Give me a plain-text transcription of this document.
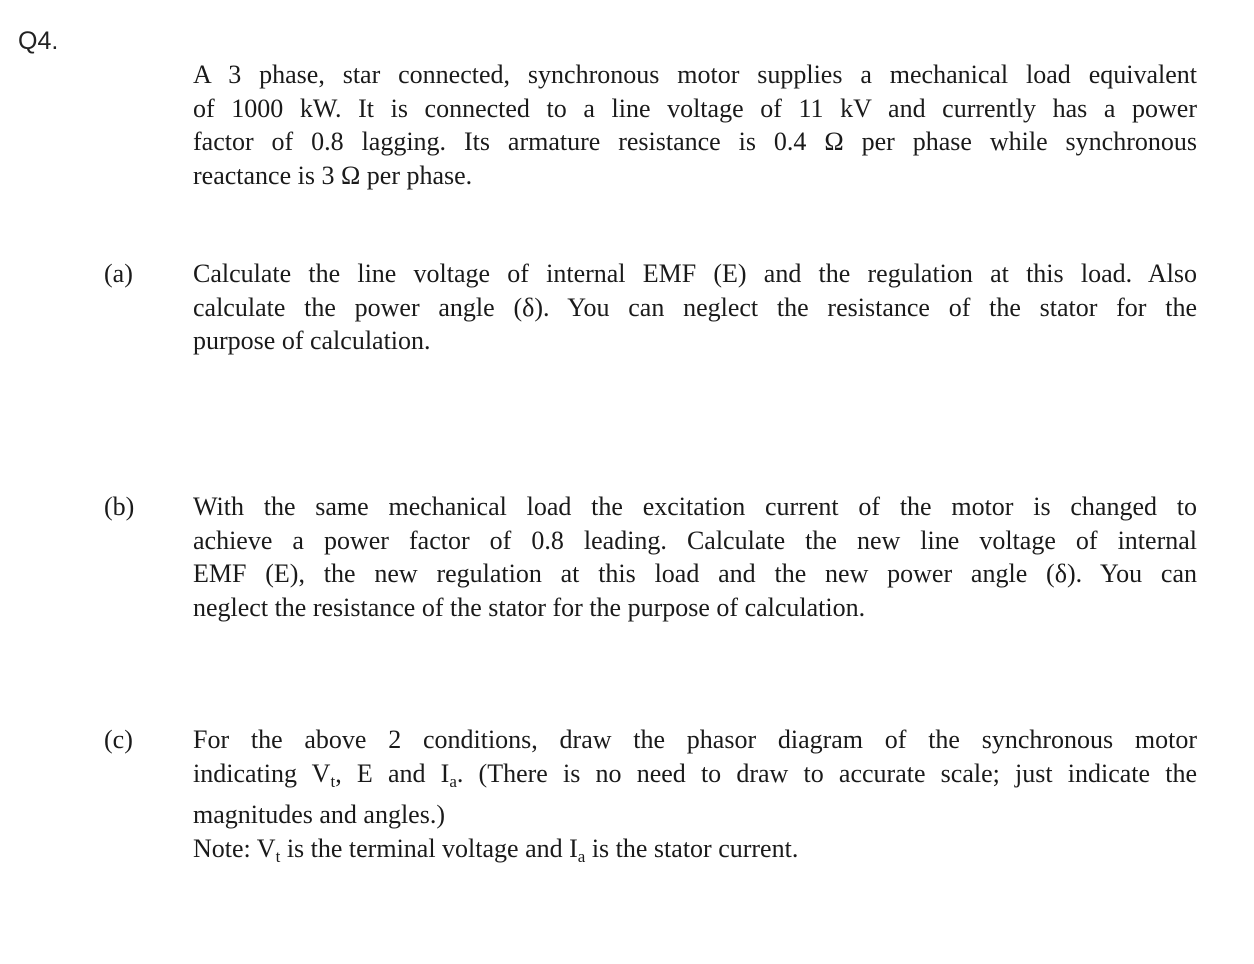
Q4.
A 3 phase, star connected, synchronous motor supplies a mechanical load equivalent
of 1000 kW. It is connected to a line voltage of 11 kV and currently has a power
factor of 0.8 lagging. Its armature resistance is 0.4 Ω per phase while synchronous
reactance is 3 Ω per phase.
(a) Calculate the line voltage of internal EMF (E) and the regulation at this load. Also
calculate the power angle (δ). You can neglect the resistance of the stator for the
purpose of calculation.
(b) With the same mechanical load the excitation current of the motor is changed to
achieve a power factor of 0.8 leading. Calculate the new line voltage of internal
EMF (E), the new regulation at this load and the new power angle (δ). You can
neglect the resistance of the stator for the purpose of calculation.
(c) For the above 2 conditions, draw the phasor diagram of the synchronous motor
indicating $V_t$, E and $I_a$. (There is no need to draw to accurate scale; just indicate the
magnitudes and angles.)
Note: $V_t$ is the terminal voltage and $I_a$ is the stator current.
